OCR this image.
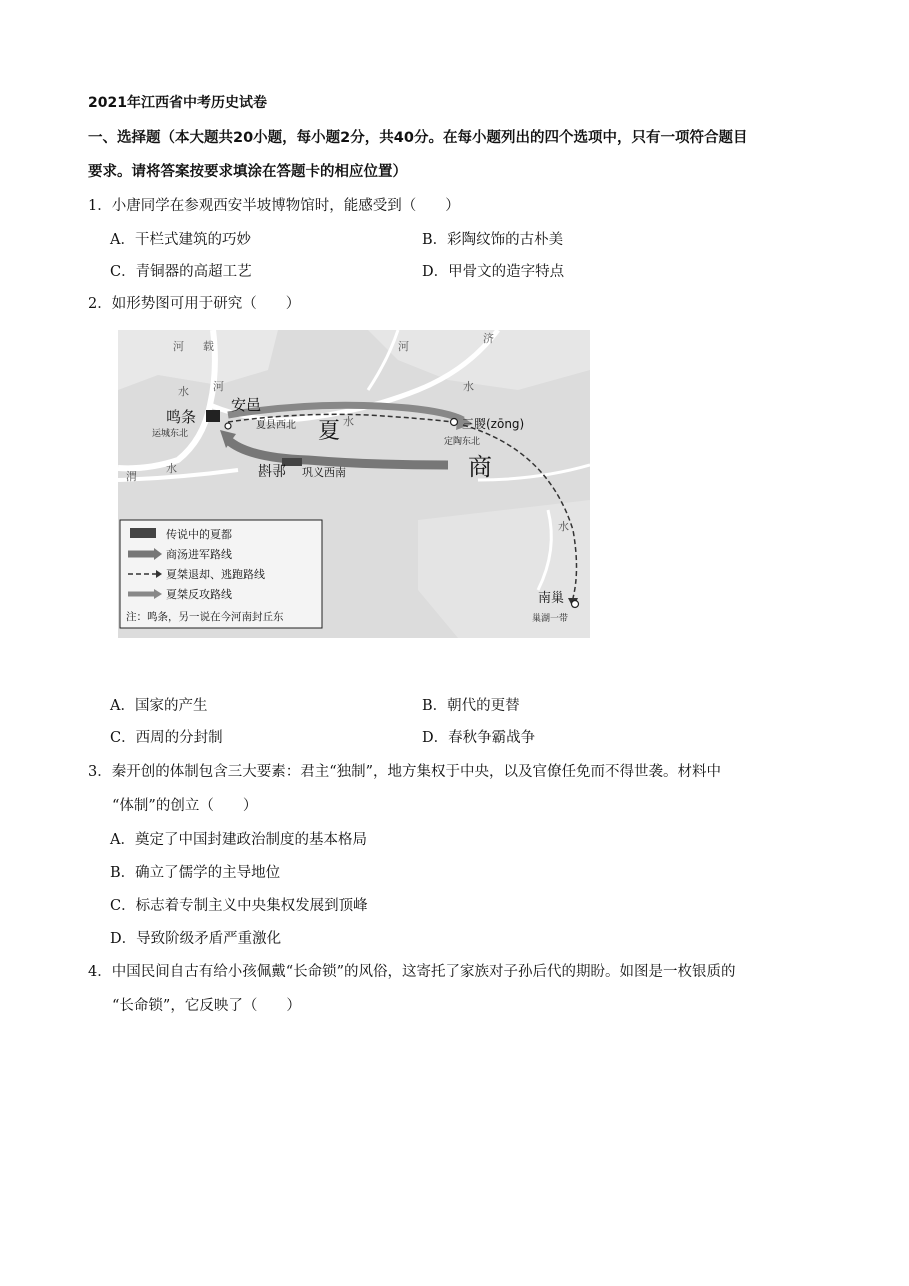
2021年江西省中考历史试卷
一、选择题（本大题共20小题，每小题2分，共40分。在每小题列出的四个选项中，只有一项符合题目
要求。请将答案按要求填涂在答题卡的相应位置）
1．小唐同学在参观西安半坡博物馆时，能感受到（　　）
A．干栏式建筑的巧妙	B．彩陶纹饰的古朴美
C．青铜器的高超工艺	D．甲骨文的造字特点
2．如形势图可用于研究（　　）
河 载
水 河
水
河
济
水
水
渭
水
鸣条
运城东北
安邑
夏县西北 夏
商
三朡(zōng)
定陶东北
斟𬩽 巩义西南
南巢
巢湖一带
传说中的夏都
商汤进军路线
夏桀退却、逃跑路线
夏桀反攻路线
注：鸣条，另一说在今河南封丘东
A．国家的产生	B．朝代的更替
C．西周的分封制	D．春秋争霸战争
3．秦开创的体制包含三大要素：君主“独制”，地方集权于中央，以及官僚任免而不得世袭。材料中
“体制”的创立（　　）
A．奠定了中国封建政治制度的基本格局
B．确立了儒学的主导地位
C．标志着专制主义中央集权发展到顶峰
D．导致阶级矛盾严重激化
4．中国民间自古有给小孩佩戴“长命锁”的风俗，这寄托了家族对子孙后代的期盼。如图是一枚银质的
“长命锁”，它反映了（　　）
